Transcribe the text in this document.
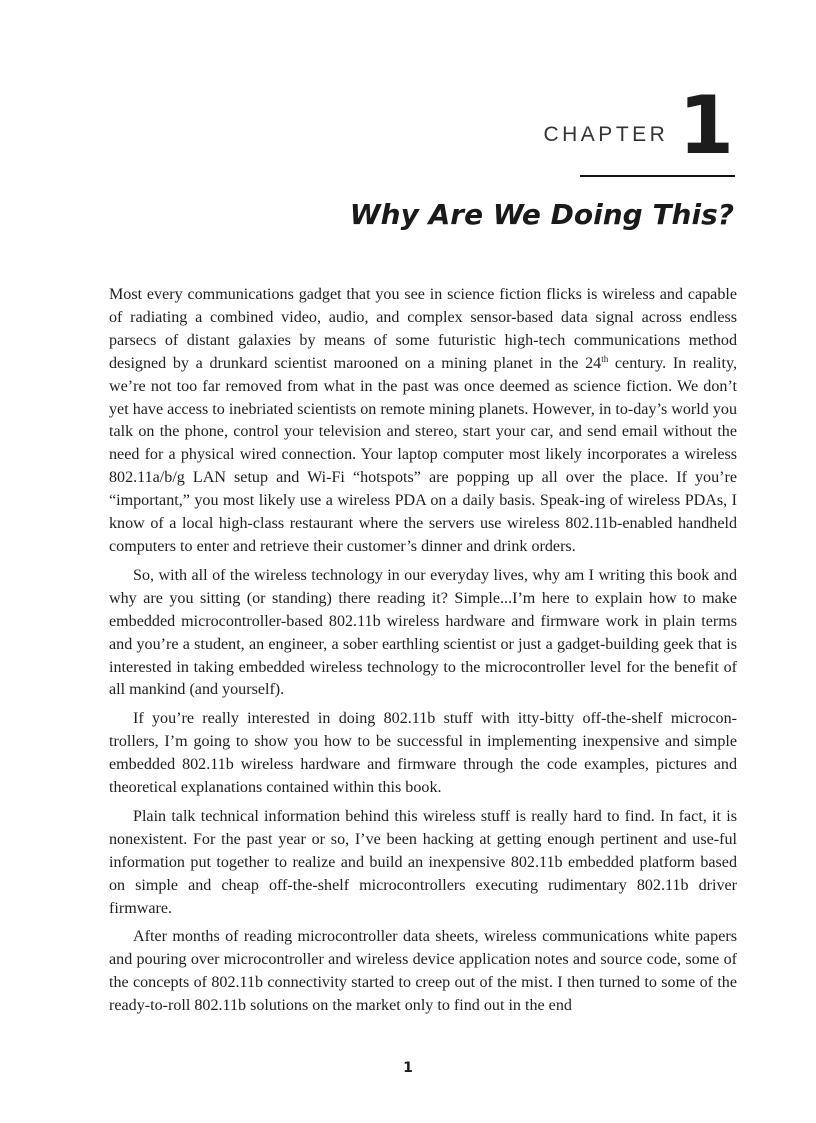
CHAPTER 1
Why Are We Doing This?

Most every communications gadget that you see in science fiction flicks is wireless and capable of radiating a combined video, audio, and complex sensor-based data signal across endless parsecs of distant galaxies by means of some futuristic high-tech communications method designed by a drunkard scientist marooned on a mining planet in the 24th century. In reality, we’re not too far removed from what in the past was once deemed as science fiction. We don’t yet have access to inebriated scientists on remote mining planets. However, in to-day’s world you talk on the phone, control your television and stereo, start your car, and send email without the need for a physical wired connection. Your laptop computer most likely incorporates a wireless 802.11a/b/g LAN setup and Wi-Fi “hotspots” are popping up all over the place. If you’re “important,” you most likely use a wireless PDA on a daily basis. Speak-ing of wireless PDAs, I know of a local high-class restaurant where the servers use wireless 802.11b-enabled handheld computers to enter and retrieve their customer’s dinner and drink orders.

So, with all of the wireless technology in our everyday lives, why am I writing this book and why are you sitting (or standing) there reading it? Simple...I’m here to explain how to make embedded microcontroller-based 802.11b wireless hardware and firmware work in plain terms and you’re a student, an engineer, a sober earthling scientist or just a gadget-building geek that is interested in taking embedded wireless technology to the microcontroller level for the benefit of all mankind (and yourself).

If you’re really interested in doing 802.11b stuff with itty-bitty off-the-shelf microcon-trollers, I’m going to show you how to be successful in implementing inexpensive and simple embedded 802.11b wireless hardware and firmware through the code examples, pictures and theoretical explanations contained within this book.

Plain talk technical information behind this wireless stuff is really hard to find. In fact, it is nonexistent. For the past year or so, I’ve been hacking at getting enough pertinent and use-ful information put together to realize and build an inexpensive 802.11b embedded platform based on simple and cheap off-the-shelf microcontrollers executing rudimentary 802.11b driver firmware.

After months of reading microcontroller data sheets, wireless communications white papers and pouring over microcontroller and wireless device application notes and source code, some of the concepts of 802.11b connectivity started to creep out of the mist. I then turned to some of the ready-to-roll 802.11b solutions on the market only to find out in the end

1
